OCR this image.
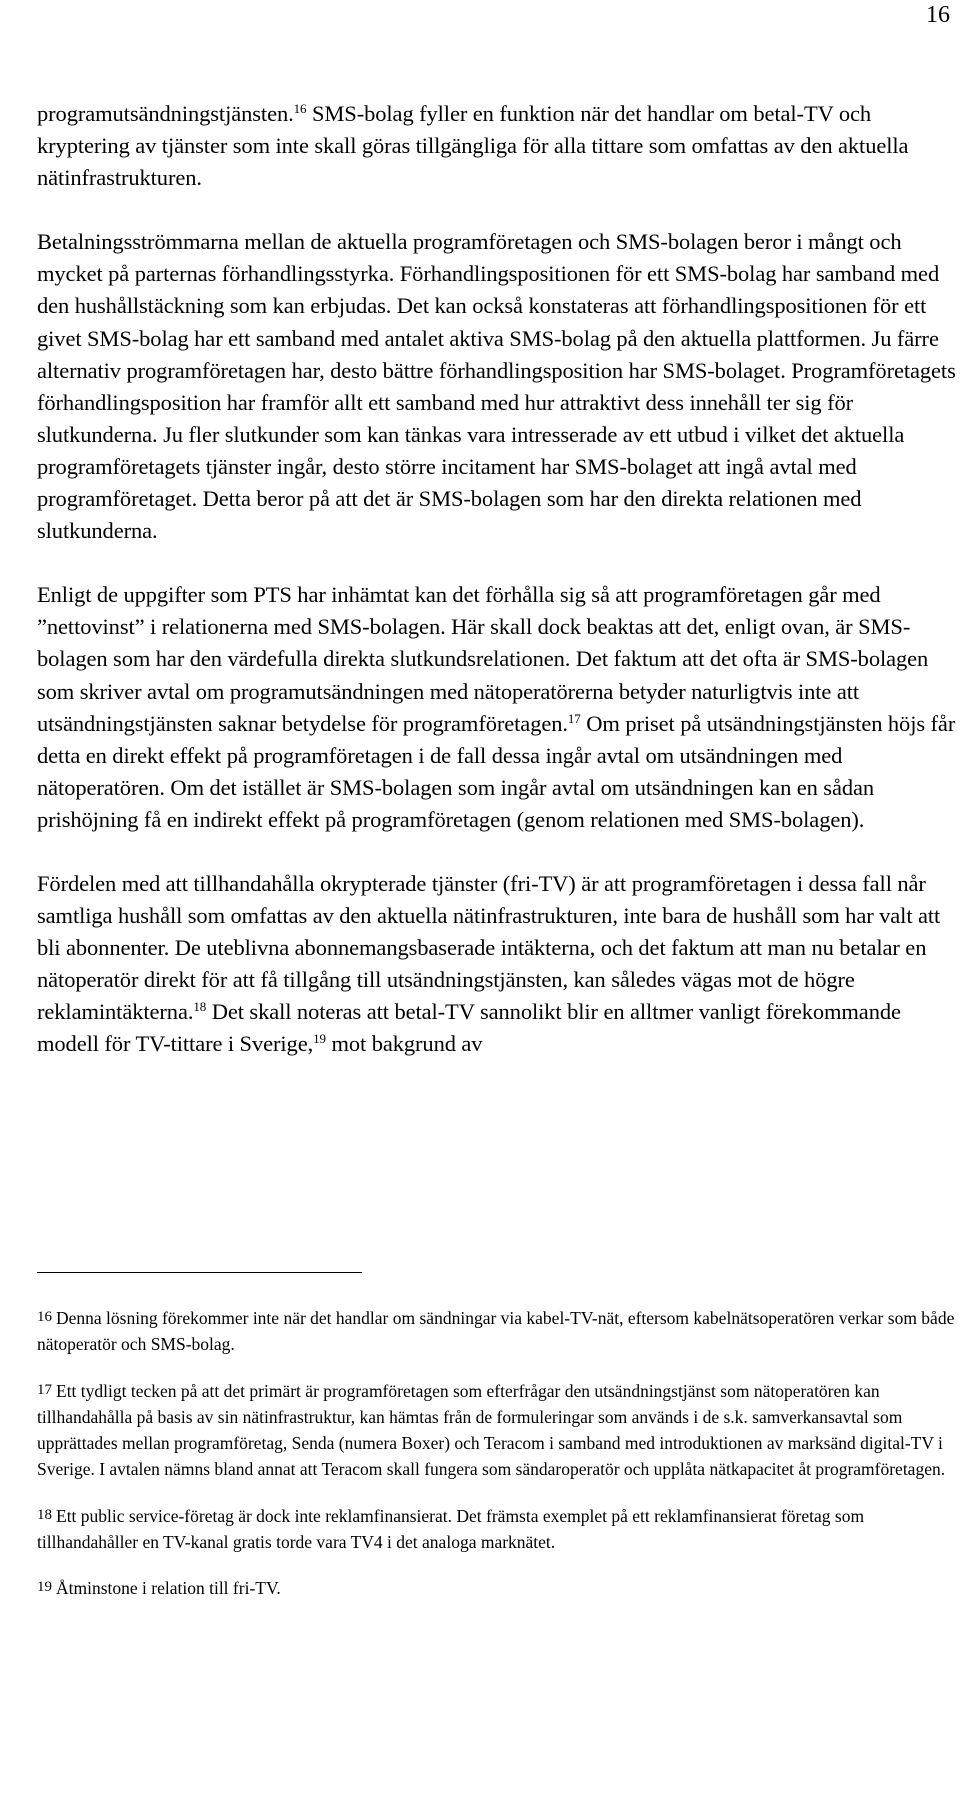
16

programutsändningstjänsten.$^{16}$ SMS-bolag fyller en funktion när det handlar om betal-TV och kryptering av tjänster som inte skall göras tillgängliga för alla tittare som omfattas av den aktuella nätinfrastrukturen.

Betalningsströmmarna mellan de aktuella programföretagen och SMS-bolagen beror i mångt och mycket på parternas förhandlingsstyrka. Förhandlingspositionen för ett SMS-bolag har samband med den hushållstäckning som kan erbjudas. Det kan också konstateras att förhandlingspositionen för ett givet SMS-bolag har ett samband med antalet aktiva SMS-bolag på den aktuella plattformen. Ju färre alternativ programföretagen har, desto bättre förhandlingsposition har SMS-bolaget. Programföretagets förhandlingsposition har framför allt ett samband med hur attraktivt dess innehåll ter sig för slutkunderna. Ju fler slutkunder som kan tänkas vara intresserade av ett utbud i vilket det aktuella programföretagets tjänster ingår, desto större incitament har SMS-bolaget att ingå avtal med programföretaget. Detta beror på att det är SMS-bolagen som har den direkta relationen med slutkunderna.

Enligt de uppgifter som PTS har inhämtat kan det förhålla sig så att programföretagen går med ”nettovinst” i relationerna med SMS-bolagen. Här skall dock beaktas att det, enligt ovan, är SMS-bolagen som har den värdefulla direkta slutkundsrelationen. Det faktum att det ofta är SMS-bolagen som skriver avtal om programutsändningen med nätoperatörerna betyder naturligtvis inte att utsändningstjänsten saknar betydelse för programföretagen.$^{17}$ Om priset på utsändningstjänsten höjs får detta en direkt effekt på programföretagen i de fall dessa ingår avtal om utsändningen med nätoperatören. Om det istället är SMS-bolagen som ingår avtal om utsändningen kan en sådan prishöjning få en indirekt effekt på programföretagen (genom relationen med SMS-bolagen).

Fördelen med att tillhandahålla okrypterade tjänster (fri-TV) är att programföretagen i dessa fall når samtliga hushåll som omfattas av den aktuella nätinfrastrukturen, inte bara de hushåll som har valt att bli abonnenter. De uteblivna abonnemangsbaserade intäkterna, och det faktum att man nu betalar en nätoperatör direkt för att få tillgång till utsändningstjänsten, kan således vägas mot de högre reklamintäkterna.$^{18}$ Det skall noteras att betal-TV sannolikt blir en alltmer vanligt förekommande modell för TV-tittare i Sverige,$^{19}$ mot bakgrund av

16 Denna lösning förekommer inte när det handlar om sändningar via kabel-TV-nät, eftersom kabelnätsoperatören verkar som både nätoperatör och SMS-bolag.
17 Ett tydligt tecken på att det primärt är programföretagen som efterfrågar den utsändningstjänst som nätoperatören kan tillhandahålla på basis av sin nätinfrastruktur, kan hämtas från de formuleringar som används i de s.k. samverkansavtal som upprättades mellan programföretag, Senda (numera Boxer) och Teracom i samband med introduktionen av marksänd digital-TV i Sverige. I avtalen nämns bland annat att Teracom skall fungera som sändaroperatör och upplåta nätkapacitet åt programföretagen.
18 Ett public service-företag är dock inte reklamfinansierat. Det främsta exemplet på ett reklamfinansierat företag som tillhandahåller en TV-kanal gratis torde vara TV4 i det analoga marknätet.
19 Åtminstone i relation till fri-TV.
